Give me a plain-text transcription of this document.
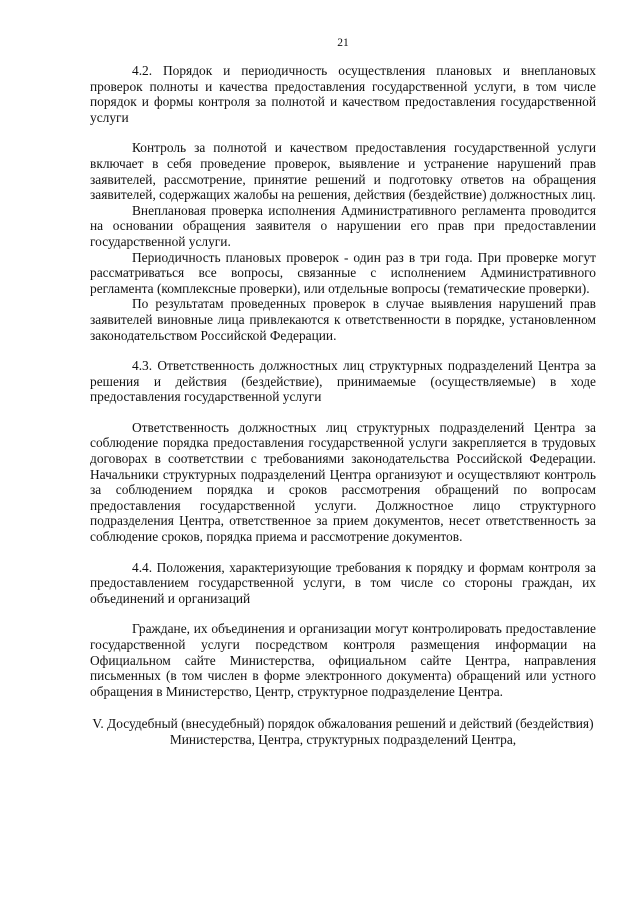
21

4.2. Порядок и периодичность осуществления плановых и внеплановых проверок полноты и качества предоставления государственной услуги, в том числе порядок и формы контроля за полнотой и качеством предоставления государственной услуги

Контроль за полнотой и качеством предоставления государственной услуги включает в себя проведение проверок, выявление и устранение нарушений прав заявителей, рассмотрение, принятие решений и подготовку ответов на обращения заявителей, содержащих жалобы на решения, действия (бездействие) должностных лиц.

Внеплановая проверка исполнения Административного регламента проводится на основании обращения заявителя о нарушении его прав при предоставлении государственной услуги.

Периодичность плановых проверок - один раз в три года. При проверке могут рассматриваться все вопросы, связанные с исполнением Административного регламента (комплексные проверки), или отдельные вопросы (тематические проверки).

По результатам проведенных проверок в случае выявления нарушений прав заявителей виновные лица привлекаются к ответственности в порядке, установленном законодательством Российской Федерации.

4.3. Ответственность должностных лиц структурных подразделений Центра за решения и действия (бездействие), принимаемые (осуществляемые) в ходе предоставления государственной услуги

Ответственность должностных лиц структурных подразделений Центра за соблюдение порядка предоставления государственной услуги закрепляется в трудовых договорах в соответствии с требованиями законодательства Российской Федерации. Начальники структурных подразделений Центра организуют и осуществляют контроль за соблюдением порядка и сроков рассмотрения обращений по вопросам предоставления государственной услуги. Должностное лицо структурного подразделения Центра, ответственное за прием документов, несет ответственность за соблюдение сроков, порядка приема и рассмотрение документов.

4.4. Положения, характеризующие требования к порядку и формам контроля за предоставлением государственной услуги, в том числе со стороны граждан, их объединений и организаций

Граждане, их объединения и организации могут контролировать предоставление государственной услуги посредством контроля размещения информации на Официальном сайте Министерства, официальном сайте Центра, направления письменных (в том числен в форме электронного документа) обращений или устного обращения в Министерство, Центр, структурное подразделение Центра.

V. Досудебный (внесудебный) порядок обжалования решений и действий (бездействия) Министерства, Центра, структурных подразделений Центра,
